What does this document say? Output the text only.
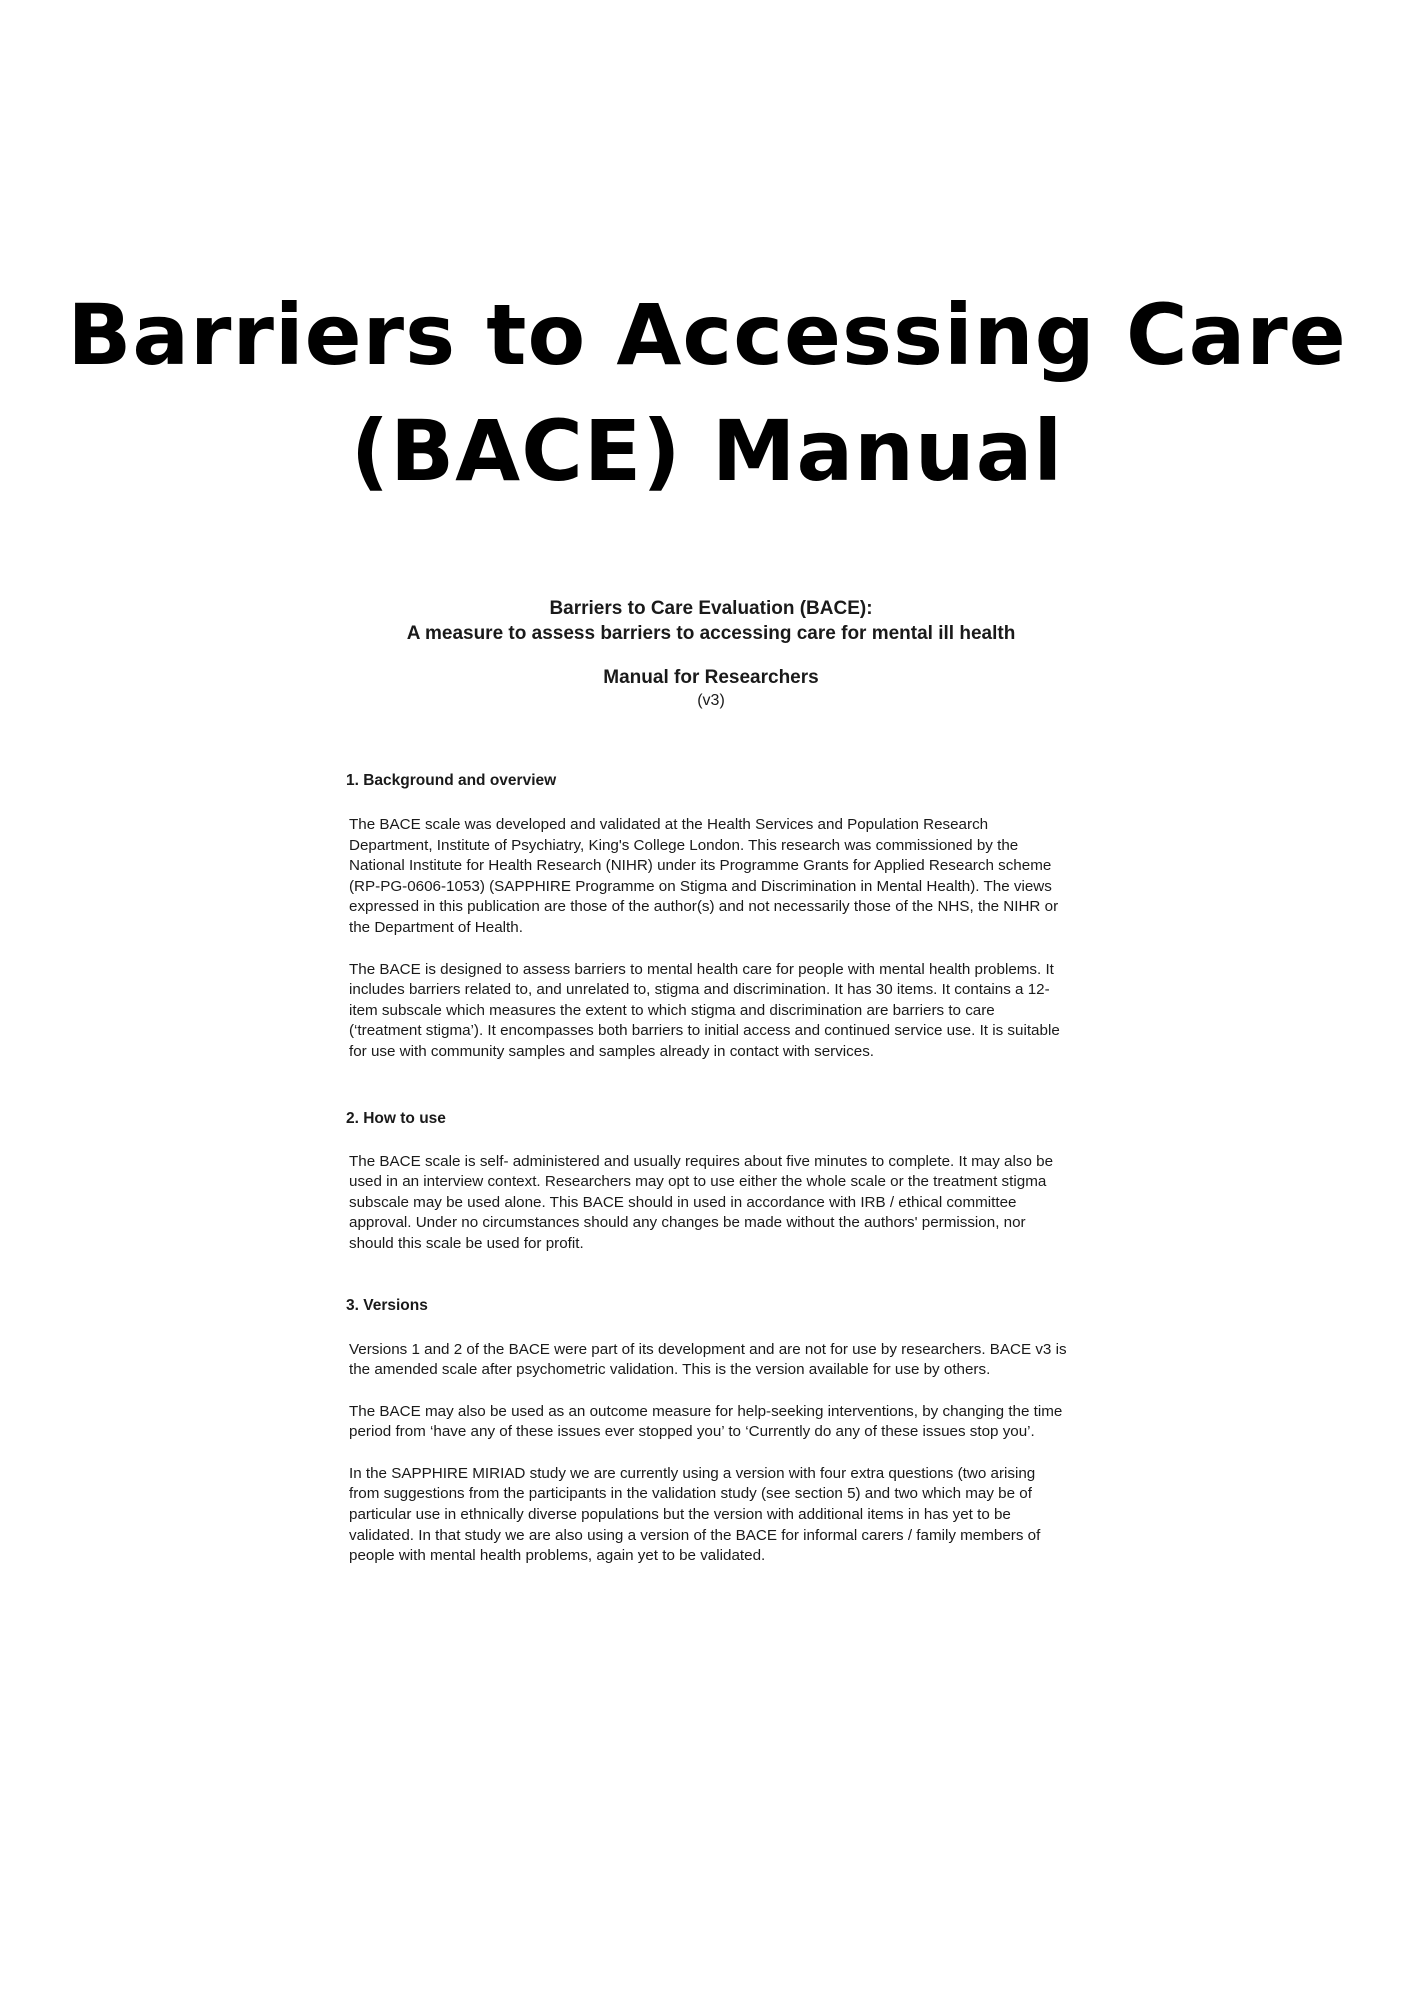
Barriers to Accessing Care
(BACE) Manual
Barriers to Care Evaluation (BACE):
A measure to assess barriers to accessing care for mental ill health
Manual for Researchers
(v3)
1. Background and overview

The BACE scale was developed and validated at the Health Services and Population Research Department, Institute of Psychiatry, King's College London. This research was commissioned by the National Institute for Health Research (NIHR) under its Programme Grants for Applied Research scheme (RP-PG-0606-1053) (SAPPHIRE Programme on Stigma and Discrimination in Mental Health). The views expressed in this publication are those of the author(s) and not necessarily those of the NHS, the NIHR or the Department of Health.

The BACE is designed to assess barriers to mental health care for people with mental health problems. It includes barriers related to, and unrelated to, stigma and discrimination. It has 30 items. It contains a 12-item subscale which measures the extent to which stigma and discrimination are barriers to care (‘treatment stigma’). It encompasses both barriers to initial access and continued service use. It is suitable for use with community samples and samples already in contact with services.

2. How to use

The BACE scale is self- administered and usually requires about five minutes to complete. It may also be used in an interview context. Researchers may opt to use either the whole scale or the treatment stigma subscale may be used alone. This BACE should in used in accordance with IRB / ethical committee approval. Under no circumstances should any changes be made without the authors' permission, nor should this scale be used for profit.

3. Versions

Versions 1 and 2 of the BACE were part of its development and are not for use by researchers. BACE v3 is the amended scale after psychometric validation. This is the version available for use by others.

The BACE may also be used as an outcome measure for help-seeking interventions, by changing the time period from ‘have any of these issues ever stopped you’ to ‘Currently do any of these issues stop you’.

In the SAPPHIRE MIRIAD study we are currently using a version with four extra questions (two arising from suggestions from the participants in the validation study (see section 5) and two which may be of particular use in ethnically diverse populations but the version with additional items in has yet to be validated. In that study we are also using a version of the BACE for informal carers / family members of people with mental health problems, again yet to be validated.
